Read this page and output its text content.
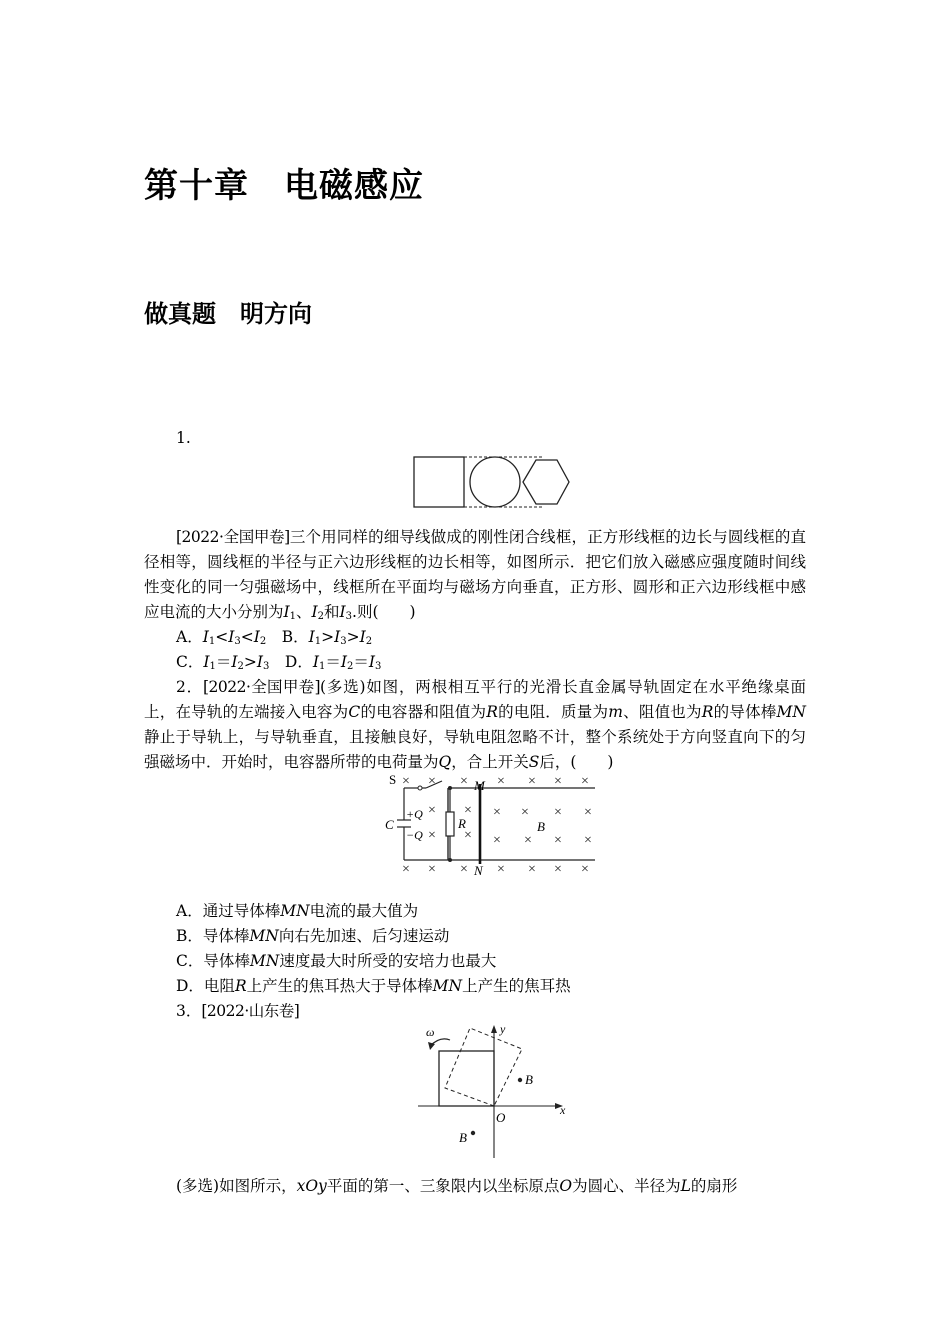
第十章　电磁感应
做真题　明方向
1.
[2022·全国甲卷]三个用同样的细导线做成的刚性闭合线框，正方形线框的边长与圆线框的直径相等，圆线框的半径与正六边形线框的边长相等，如图所示．把它们放入磁感应强度随时间线性变化的同一匀强磁场中，线框所在平面均与磁场方向垂直，正方形、圆形和正六边形线框中感应电流的大小分别为$I_1$、$I_2$和$I_3$.则(　　)
A．$I_1<I_3<I_2$　B．$I_1>I_3>I_2$
C．$I_1=I_2>I_3$　D．$I_1=I_2=I_3$
2．[2022·全国甲卷](多选)如图，两根相互平行的光滑长直金属导轨固定在水平绝缘桌面上，在导轨的左端接入电容为C的电容器和阻值为R的电阻．质量为m、阻值也为R的导体棒MN静止于导轨上，与导轨垂直，且接触良好，导轨电阻忽略不计，整个系统处于方向竖直向下的匀强磁场中．开始时，电容器所带的电荷量为Q，合上开关S后，(　　)
× × × × × × ×
×
×
×
×
×
×
× ×
×
×
×
×
× × × × × × ×
S	M
N
R	B
C
+Q
−Q
A．通过导体棒MN电流的最大值为
B．导体棒MN向右先加速、后匀速运动
C．导体棒MN速度最大时所受的安培力也最大
D．电阻R上产生的焦耳热大于导体棒MN上产生的焦耳热
3．[2022·山东卷]
ω	y
x
O
B
B
(多选)如图所示，xOy平面的第一、三象限内以坐标原点O为圆心、半径为L的扇形
